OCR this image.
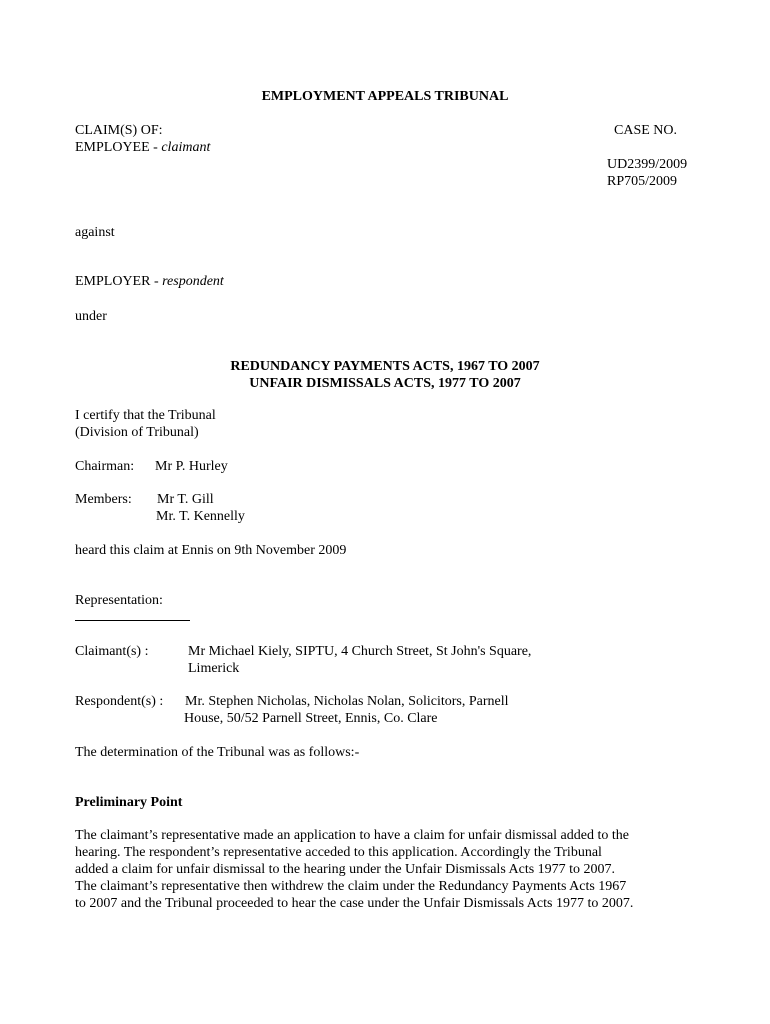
EMPLOYMENT APPEALS TRIBUNAL
CLAIM(S) OF:
EMPLOYEE - claimant
CASE NO.
UD2399/2009
RP705/2009
against
EMPLOYER - respondent
under
REDUNDANCY PAYMENTS ACTS, 1967 TO 2007
UNFAIR DISMISSALS ACTS, 1977 TO 2007
I certify that the Tribunal
(Division of Tribunal)
Chairman: Mr P. Hurley
Members: Mr T. Gill
Mr. T. Kennelly
heard this claim at Ennis on 9th November 2009
Representation:
Claimant(s) :	Mr Michael Kiely, SIPTU, 4 Church Street, St John's Square,
Limerick
Respondent(s) : Mr. Stephen Nicholas, Nicholas Nolan, Solicitors, Parnell
House, 50/52 Parnell Street, Ennis, Co. Clare
The determination of the Tribunal was as follows:-
Preliminary Point
The claimant’s representative made an application to have a claim for unfair dismissal added to the
hearing. The respondent’s representative acceded to this application. Accordingly the Tribunal
added a claim for unfair dismissal to the hearing under the Unfair Dismissals Acts 1977 to 2007.
The claimant’s representative then withdrew the claim under the Redundancy Payments Acts 1967
to 2007 and the Tribunal proceeded to hear the case under the Unfair Dismissals Acts 1977 to 2007.
